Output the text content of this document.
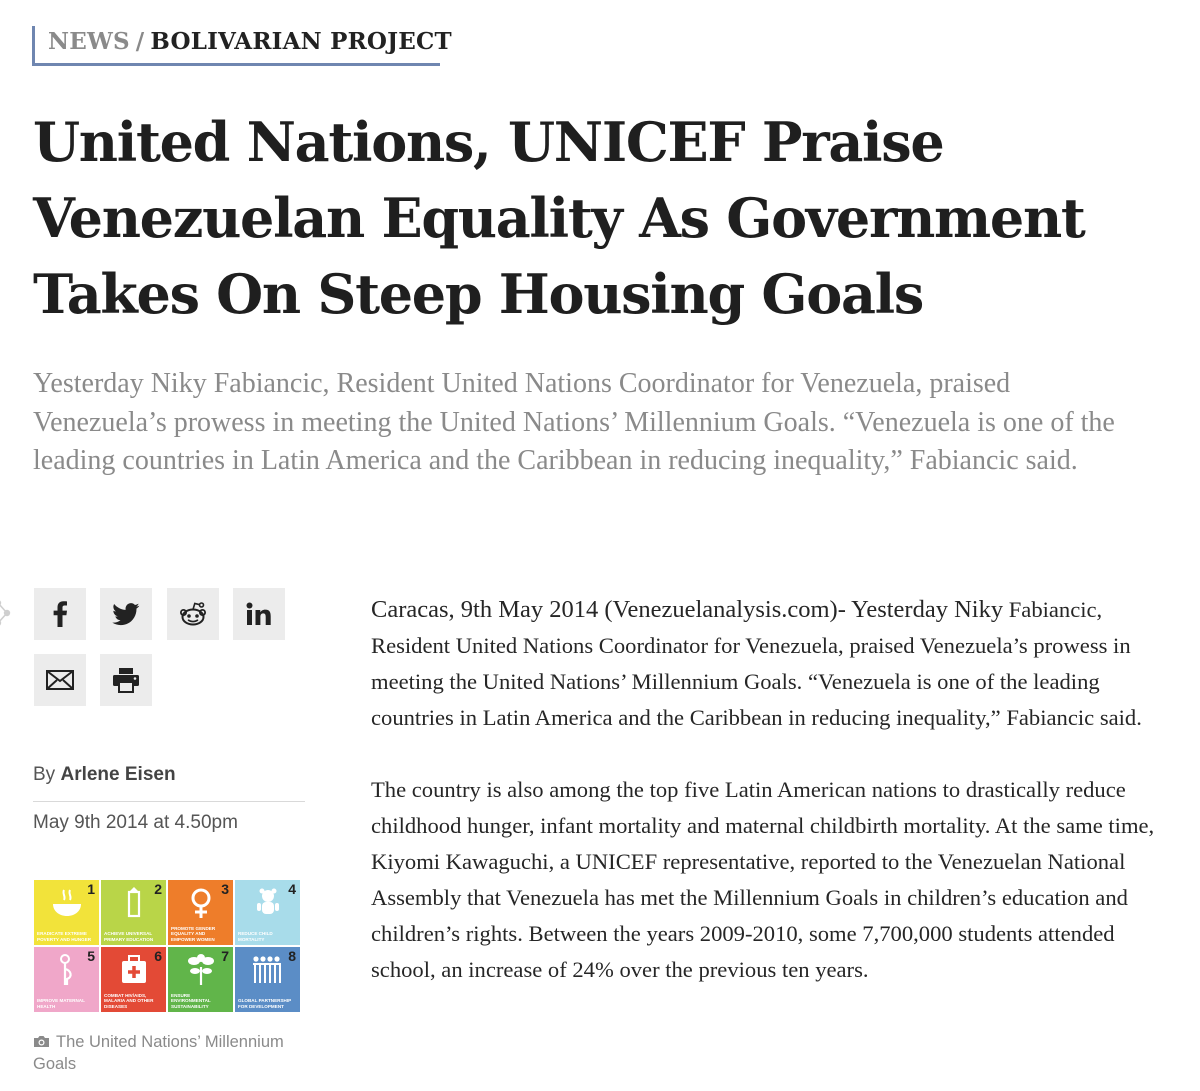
NEWS / BOLIVARIAN PROJECT
United Nations, UNICEF Praise Venezuelan Equality As Government Takes On Steep Housing Goals

Yesterday Niky Fabiancic, Resident United Nations Coordinator for Venezuela, praised Venezuela’s prowess in meeting the United Nations’ Millennium Goals. “Venezuela is one of the leading countries in Latin America and the Caribbean in reducing inequality,” Fabiancic said.

By Arlene Eisen
May 9th 2014 at 4.50pm
1
ERADICATE EXTREME POVERTY AND HUNGER
2
ACHIEVE UNIVERSAL PRIMARY EDUCATION
3
PROMOTE GENDER EQUALITY AND EMPOWER WOMEN
4
REDUCE CHILD MORTALITY
5
IMPROVE MATERNAL HEALTH
6
COMBAT HIV/AIDS, MALARIA AND OTHER DISEASES
7
ENSURE ENVIRONMENTAL SUSTAINABILITY
8
GLOBAL PARTNERSHIP FOR DEVELOPMENT
The United Nations’ Millennium Goals

Caracas, 9th May 2014 (Venezuelanalysis.com)- Yesterday Niky Fabiancic, Resident United Nations Coordinator for Venezuela, praised Venezuela’s prowess in meeting the United Nations’ Millennium Goals. “Venezuela is one of the leading countries in Latin America and the Caribbean in reducing inequality,” Fabiancic said.

The country is also among the top five Latin American nations to drastically reduce childhood hunger, infant mortality and maternal childbirth mortality. At the same time, Kiyomi Kawaguchi, a UNICEF representative, reported to the Venezuelan National Assembly that Venezuela has met the Millennium Goals in children’s education and children’s rights. Between the years 2009-2010, some 7,700,000 students attended school, an increase of 24% over the previous ten years.
